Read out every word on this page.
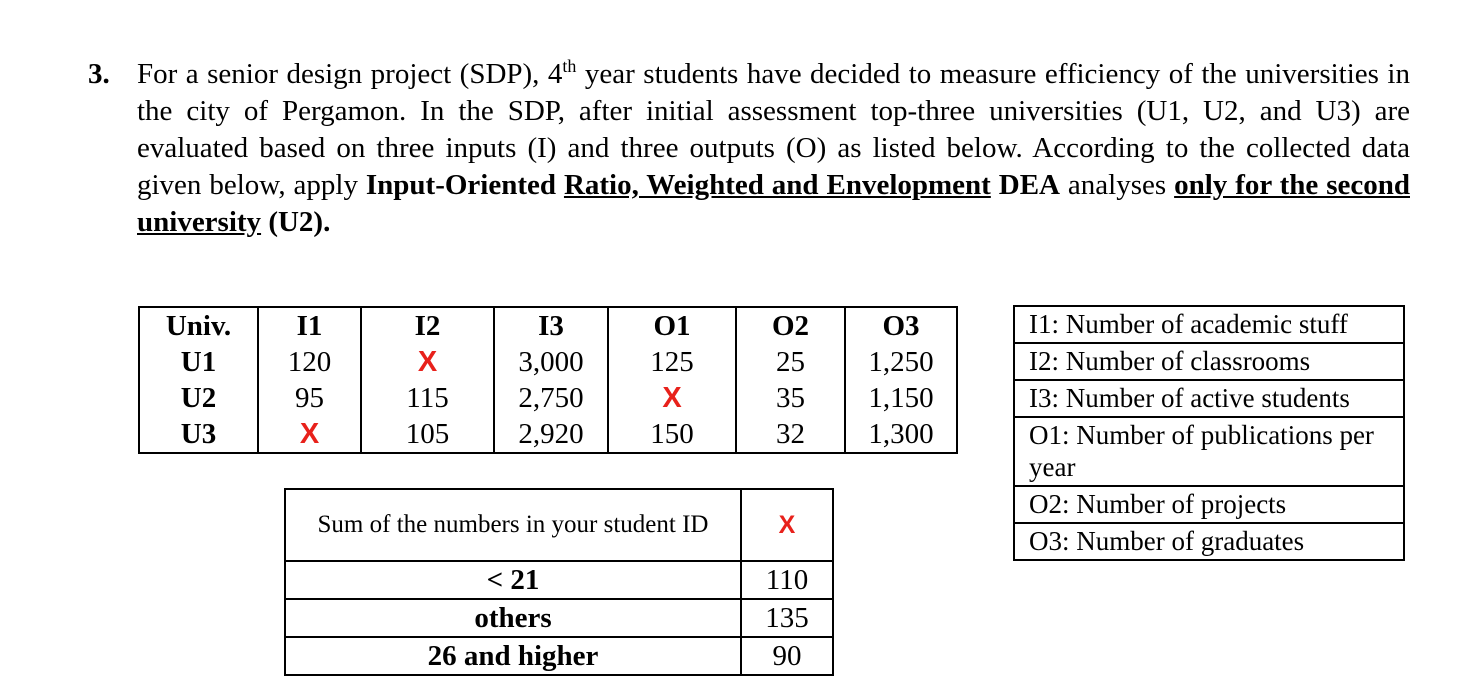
3. For a senior design project (SDP), 4th year students have decided to measure efficiency of the universities in the city of Pergamon. In the SDP, after initial assessment top-three universities (U1, U2, and U3) are evaluated based on three inputs (I) and three outputs (O) as listed below. According to the collected data given below, apply Input-Oriented Ratio, Weighted and Envelopment DEA analyses only for the second university (U2).
Univ.	I1	I2	I3	O1	O2	O3
U1	120	X	3,000	125	25	1,250
U2	95	115	2,750	X	35	1,150
U3	X	105	2,920	150	32	1,300
I1: Number of academic stuff
I2: Number of classrooms
I3: Number of active students
O1: Number of publications per year
O2: Number of projects
O3: Number of graduates
Sum of the numbers in your student ID	X
< 21	110
others	135
26 and higher	90
